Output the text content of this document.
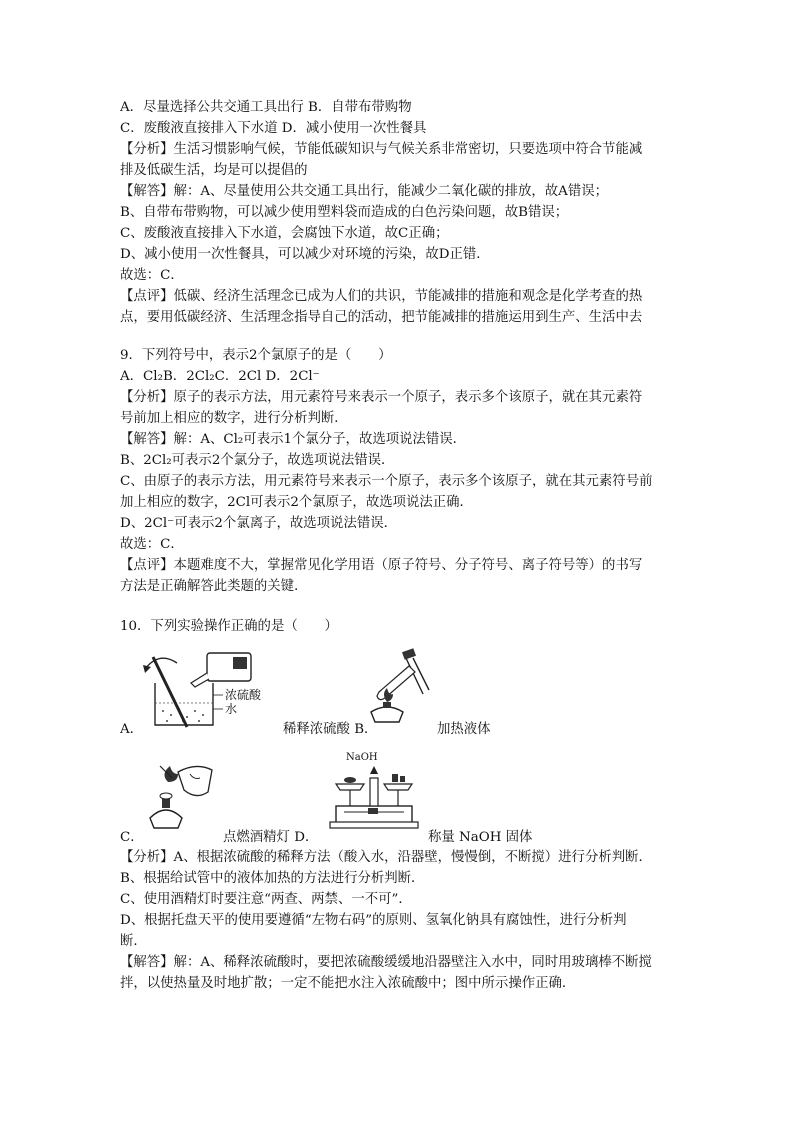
A．尽量选择公共交通工具出行 B．自带布带购物
C．废酸液直接排入下水道 D．减小使用一次性餐具
【分析】生活习惯影响气候，节能低碳知识与气候关系非常密切，只要选项中符合节能减
排及低碳生活，均是可以提倡的
【解答】解：A、尽量使用公共交通工具出行，能减少二氧化碳的排放，故A错误；
B、自带布带购物，可以减少使用塑料袋而造成的白色污染问题，故B错误；
C、废酸液直接排入下水道，会腐蚀下水道，故C正确；
D、减小使用一次性餐具，可以减少对环境的污染，故D正错．
故选：C．
【点评】低碳、经济生活理念已成为人们的共识，节能减排的措施和观念是化学考查的热
点，要用低碳经济、生活理念指导自己的活动，把节能减排的措施运用到生产、生活中去
9．下列符号中，表示2个氯原子的是（　　）
A．Cl₂B．2Cl₂C．2Cl D．2Cl⁻
【分析】原子的表示方法，用元素符号来表示一个原子，表示多个该原子，就在其元素符
号前加上相应的数字，进行分析判断．
【解答】解：A、Cl₂可表示1个氯分子，故选项说法错误．
B、2Cl₂可表示2个氯分子，故选项说法错误．
C、由原子的表示方法，用元素符号来表示一个原子，表示多个该原子，就在其元素符号前
加上相应的数字，2Cl可表示2个氯原子，故选项说法正确．
D、2Cl⁻可表示2个氯离子，故选项说法错误．
故选：C．
【点评】本题难度不大，掌握常见化学用语（原子符号、分子符号、离子符号等）的书写
方法是正确解答此类题的关键．
10．下列实验操作正确的是（　　）
浓硫酸
水
A．	稀释浓硫酸 B．	加热液体
C．	点燃酒精灯 D．
NaOH
称量 NaOH 固体
【分析】A、根据浓硫酸的稀释方法（酸入水，沿器壁，慢慢倒，不断搅）进行分析判断．
B、根据给试管中的液体加热的方法进行分析判断．
C、使用酒精灯时要注意“两查、两禁、一不可”．
D、根据托盘天平的使用要遵循“左物右码”的原则、氢氧化钠具有腐蚀性，进行分析判
断．
【解答】解：A、稀释浓硫酸时，要把浓硫酸缓缓地沿器壁注入水中，同时用玻璃棒不断搅
拌，以使热量及时地扩散；一定不能把水注入浓硫酸中；图中所示操作正确．
